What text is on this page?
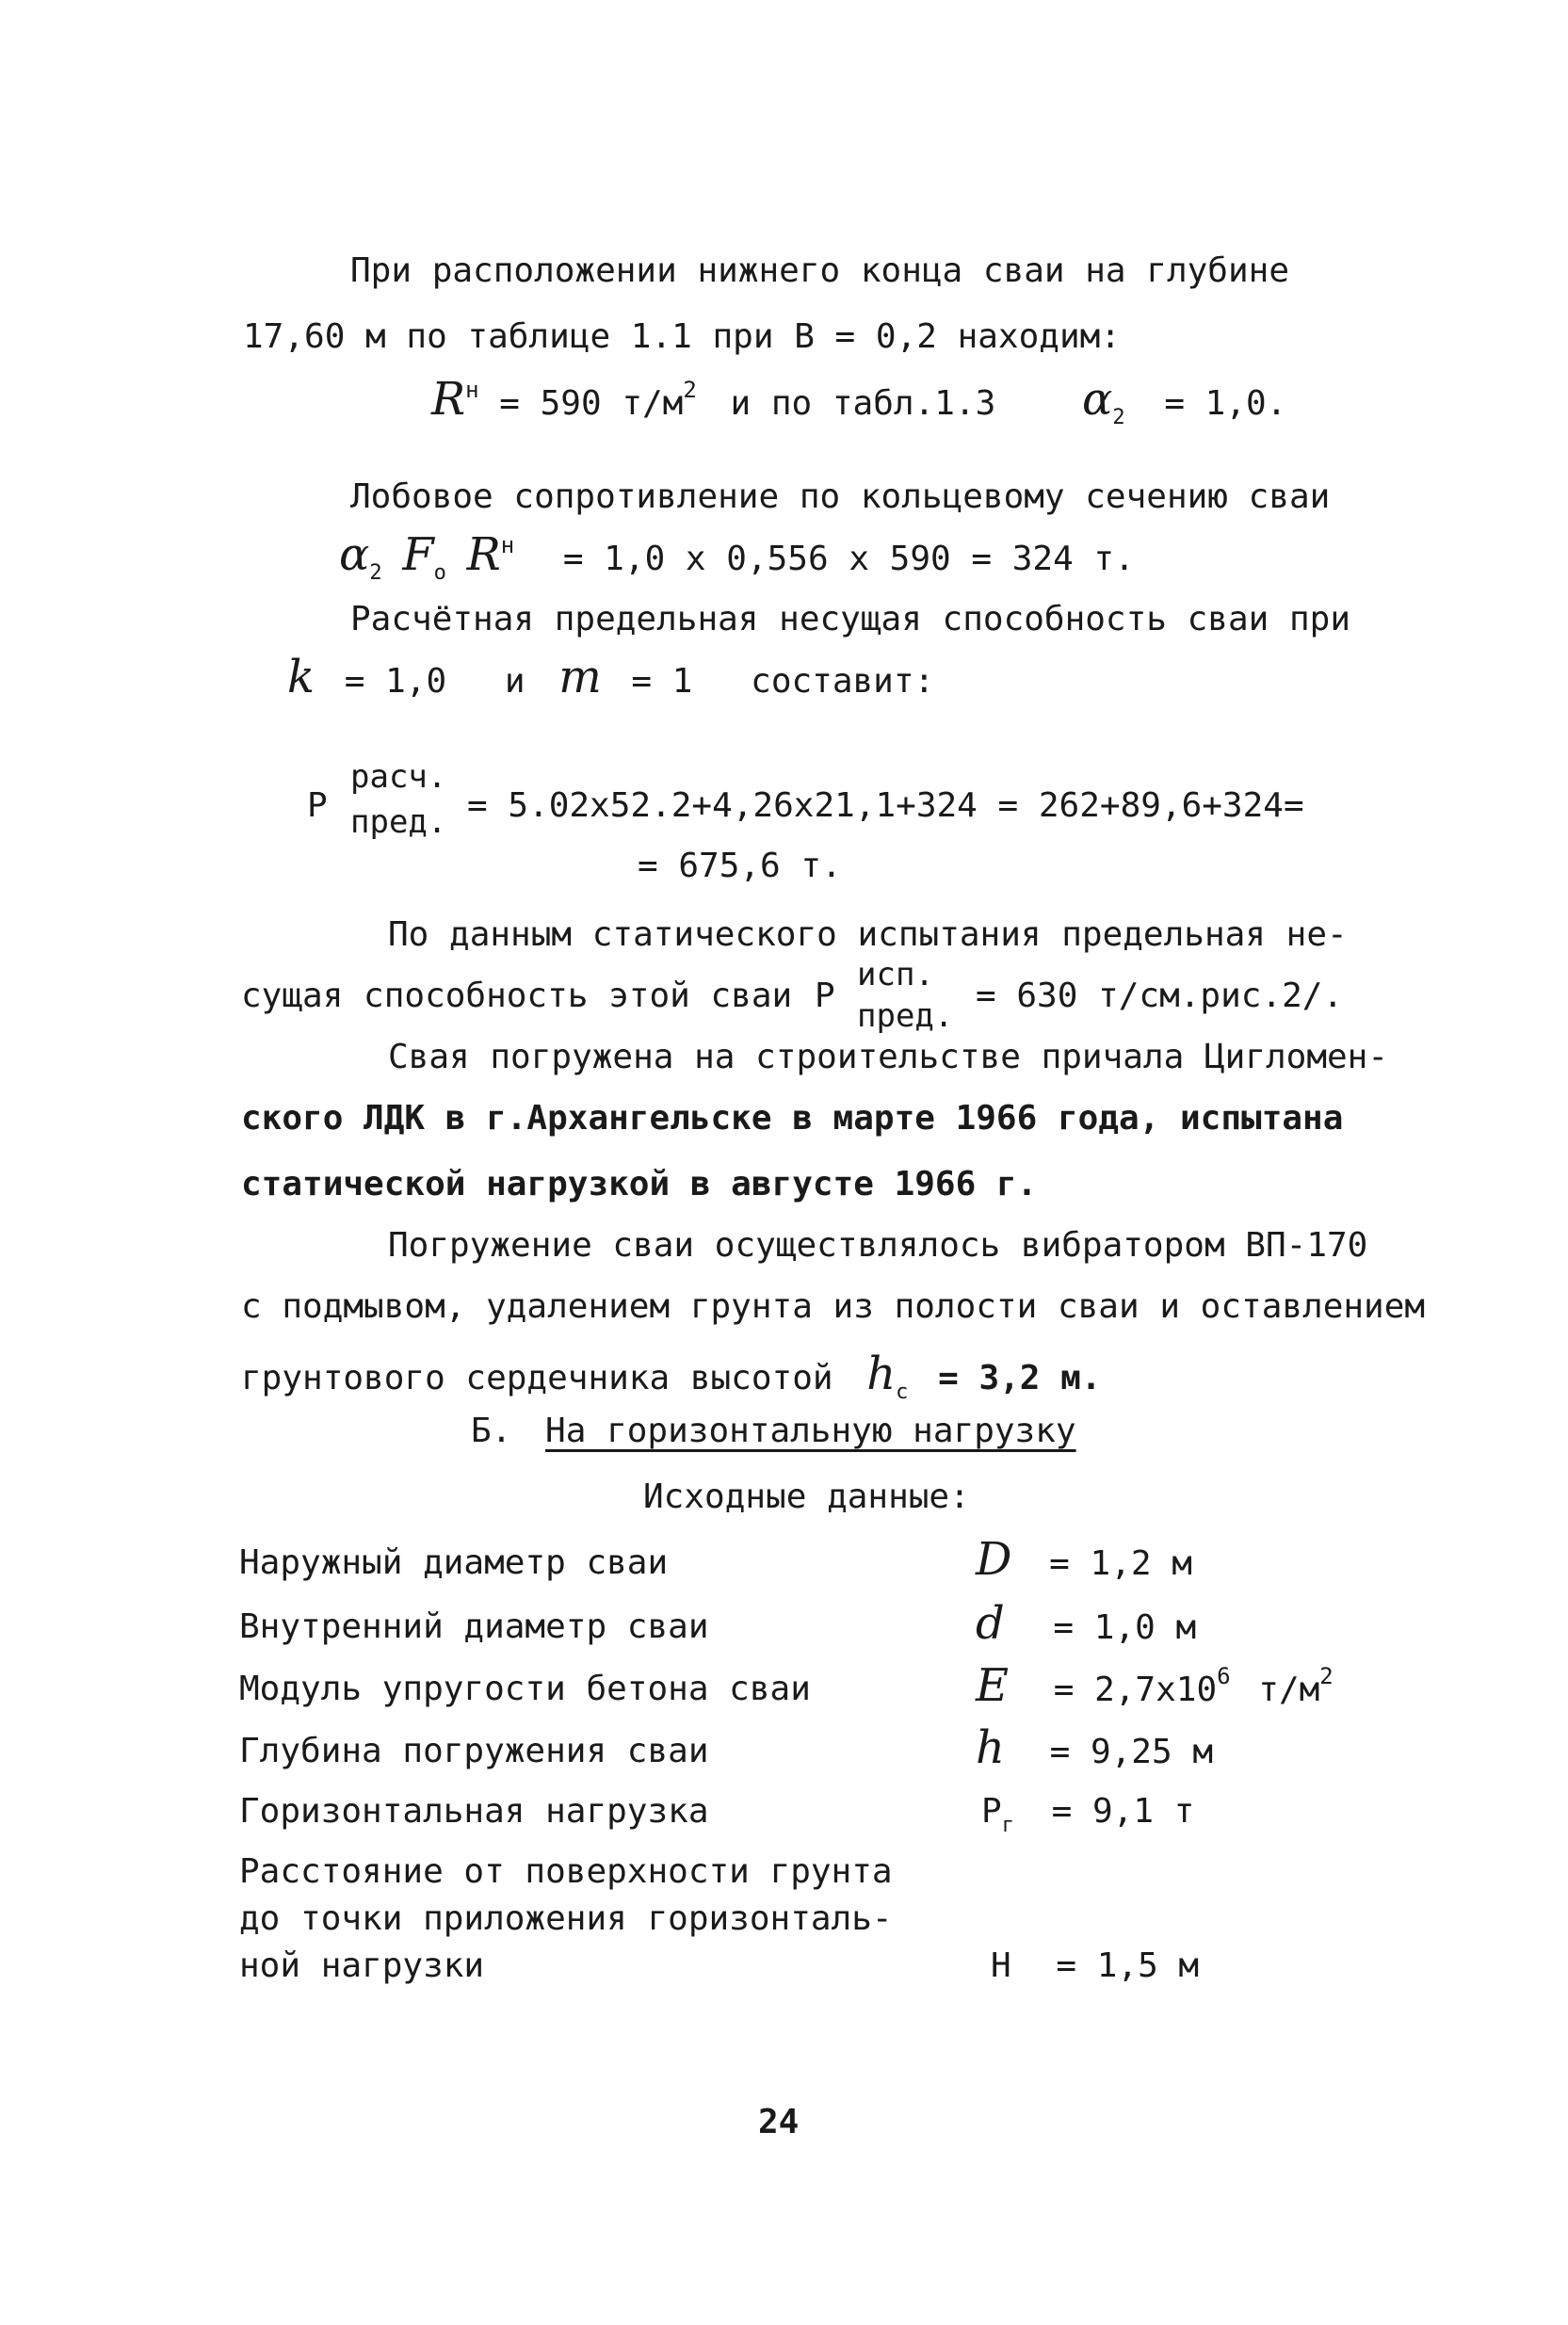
При расположении нижнего конца сваи на глубине
17,60 м по таблице 1.1 при В = 0,2 находим:
$R^н = 590$ $т/м^2$ и по табл.1.3 $\alpha_2 = 1,0$.
Лобовое сопротивление по кольцевому сечению сваи
$\alpha_2$ $F_o$ $R^н = 1,0$ х 0,556 х 590 = 324 т.
Расчётная предельная несущая способность сваи при
k = 1,0 и m = 1 составит:
P
расч.
пред. = 5.02х52.2+4,26х21,1+324 = 262+89,6+324=
= 675,6 т.
По данным статического испытания предельная не-
сущая способность этой сваи P
исп.
пред.
= 630 т/см.рис.2/.
Свая погружена на строительстве причала Цигломен-
ского ЛДК в г.Архангельске в марте 1966 года, испытана
статической нагрузкой в августе 1966 г.
Погружение сваи осуществлялось вибратором ВП-170
с подмывом, удалением грунта из полости сваи и оставлением
грунтового сердечника высотой $h_c = 3,2$ м.
Б. На горизонтальную нагрузку
Исходные данные:
Наружный диаметр сваи	D = 1,2 м
Внутренний диаметр сваи	d = 1,0 м
Модуль упругости бетона сваи	$E = 2,7х10^6$ $т/м^2$
Глубина погружения сваи	h = 9,25 м
Горизонтальная нагрузка	$P_г = 9,1$ т
Расстояние от поверхности грунта
до точки приложения горизонталь-
ной нагрузки	H = 1,5 м
24
